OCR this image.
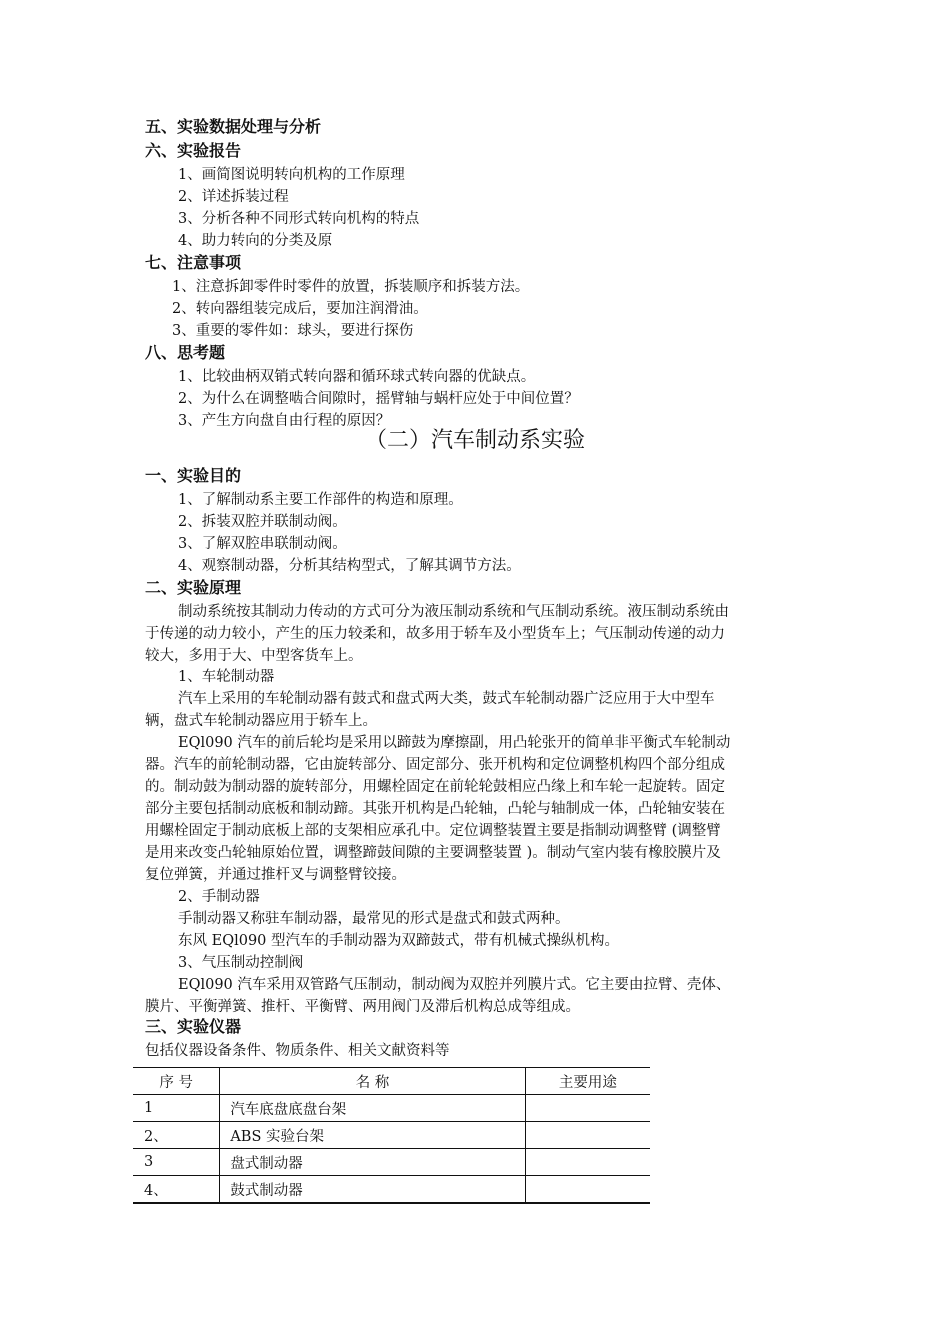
五、实验数据处理与分析
六、实验报告

1、画简图说明转向机构的工作原理

2、详述拆装过程

3、分析各种不同形式转向机构的特点

4、助力转向的分类及原

七、注意事项

1、注意拆卸零件时零件的放置，拆装顺序和拆装方法。

2、转向器组装完成后，要加注润滑油。

3、重要的零件如：球头，要进行探伤

八、思考题

1、比较曲柄双销式转向器和循环球式转向器的优缺点。

2、为什么在调整啮合间隙时，摇臂轴与蜗杆应处于中间位置？

3、产生方向盘自由行程的原因？

（二）汽车制动系实验
一、实验目的

1、了解制动系主要工作部件的构造和原理。

2、拆装双腔并联制动阀。

3、了解双腔串联制动阀。

4、观察制动器，分析其结构型式，了解其调节方法。

二、实验原理

制动系统按其制动力传动的方式可分为液压制动系统和气压制动系统。液压制动系统由

于传递的动力较小，产生的压力较柔和，故多用于轿车及小型货车上；气压制动传递的动力

较大，多用于大、中型客货车上。

1、车轮制动器

汽车上采用的车轮制动器有鼓式和盘式两大类，鼓式车轮制动器广泛应用于大中型车

辆，盘式车轮制动器应用于轿车上。

EQl090 汽车的前后轮均是采用以蹄鼓为摩擦副，用凸轮张开的简单非平衡式车轮制动

器。汽车的前轮制动器，它由旋转部分、固定部分、张开机构和定位调整机构四个部分组成

的。制动鼓为制动器的旋转部分，用螺栓固定在前轮轮鼓相应凸缘上和车轮一起旋转。固定

部分主要包括制动底板和制动蹄。其张开机构是凸轮轴，凸轮与轴制成一体，凸轮轴安装在

用螺栓固定于制动底板上部的支架相应承孔中。定位调整装置主要是指制动调整臂 (调整臂

是用来改变凸轮轴原始位置，调整蹄鼓间隙的主要调整装置 )。制动气室内装有橡胶膜片及

复位弹簧，并通过推杆叉与调整臂铰接。

2、手制动器

手制动器又称驻车制动器，最常见的形式是盘式和鼓式两种。

东风 EQl090 型汽车的手制动器为双蹄鼓式，带有机械式操纵机构。

3、气压制动控制阀

EQl090 汽车采用双管路气压制动，制动阀为双腔并列膜片式。它主要由拉臂、壳体、

膜片、平衡弹簧、推杆、平衡臂、两用阀门及滞后机构总成等组成。

三、实验仪器

包括仪器设备条件、物质条件、相关文献资料等

序 号	名 称	主要用途
1	汽车底盘底盘台架	
2、	ABS 实验台架	
3	盘式制动器	
4、	鼓式制动器	
